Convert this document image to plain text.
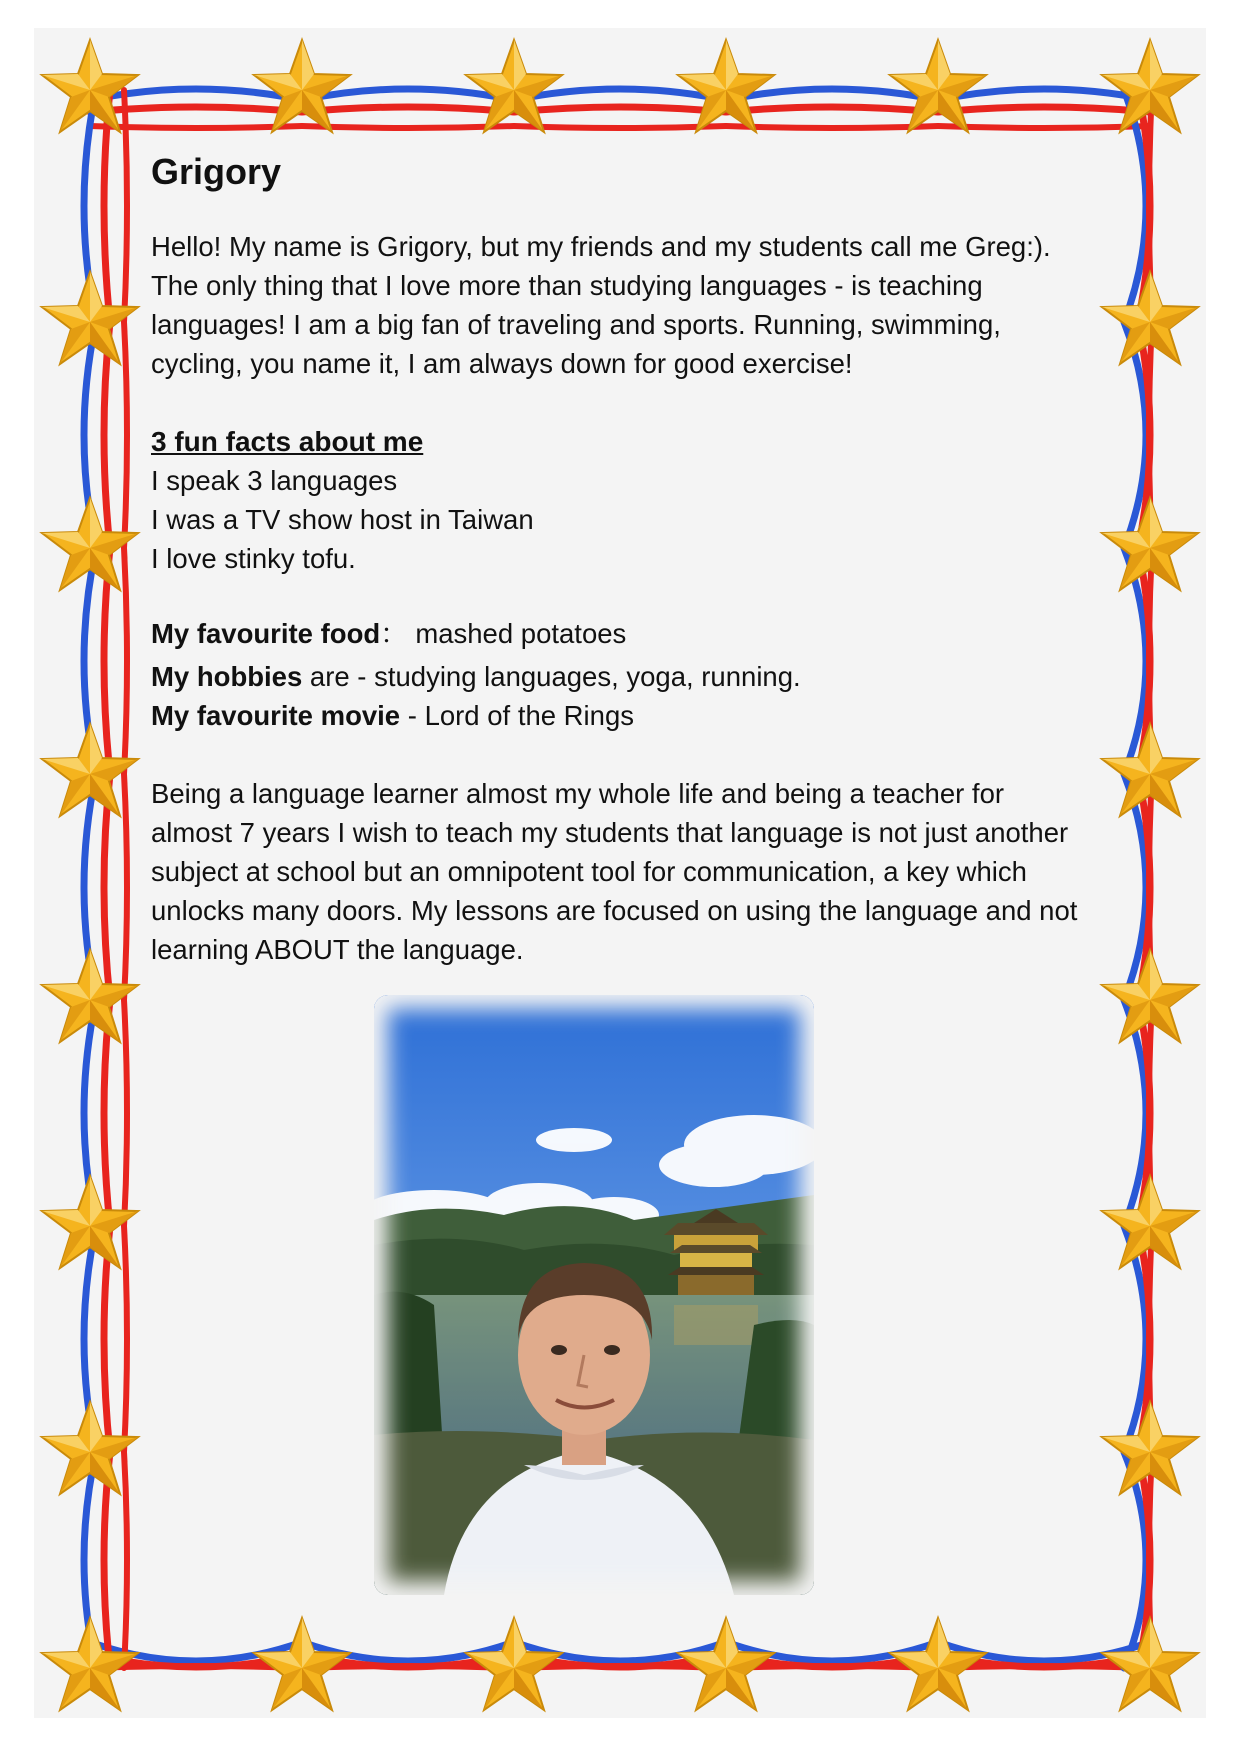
Grigory

Hello! My name is Grigory, but my friends and my students call me Greg:). The only thing that I love more than studying languages - is teaching languages! I am a big fan of traveling and sports. Running, swimming, cycling, you name it, I am always down for good exercise!

3 fun facts about me
I speak 3 languages
I was a TV show host in Taiwan
I love stinky tofu.

My favourite food： mashed potatoes

My hobbies are - studying languages, yoga, running.

My favourite movie - Lord of the Rings

Being a language learner almost my whole life and being a teacher for almost 7 years I wish to teach my students that language is not just another subject at school but an omnipotent tool for communication, a key which unlocks many doors. My lessons are focused on using the language and not learning ABOUT the language.
